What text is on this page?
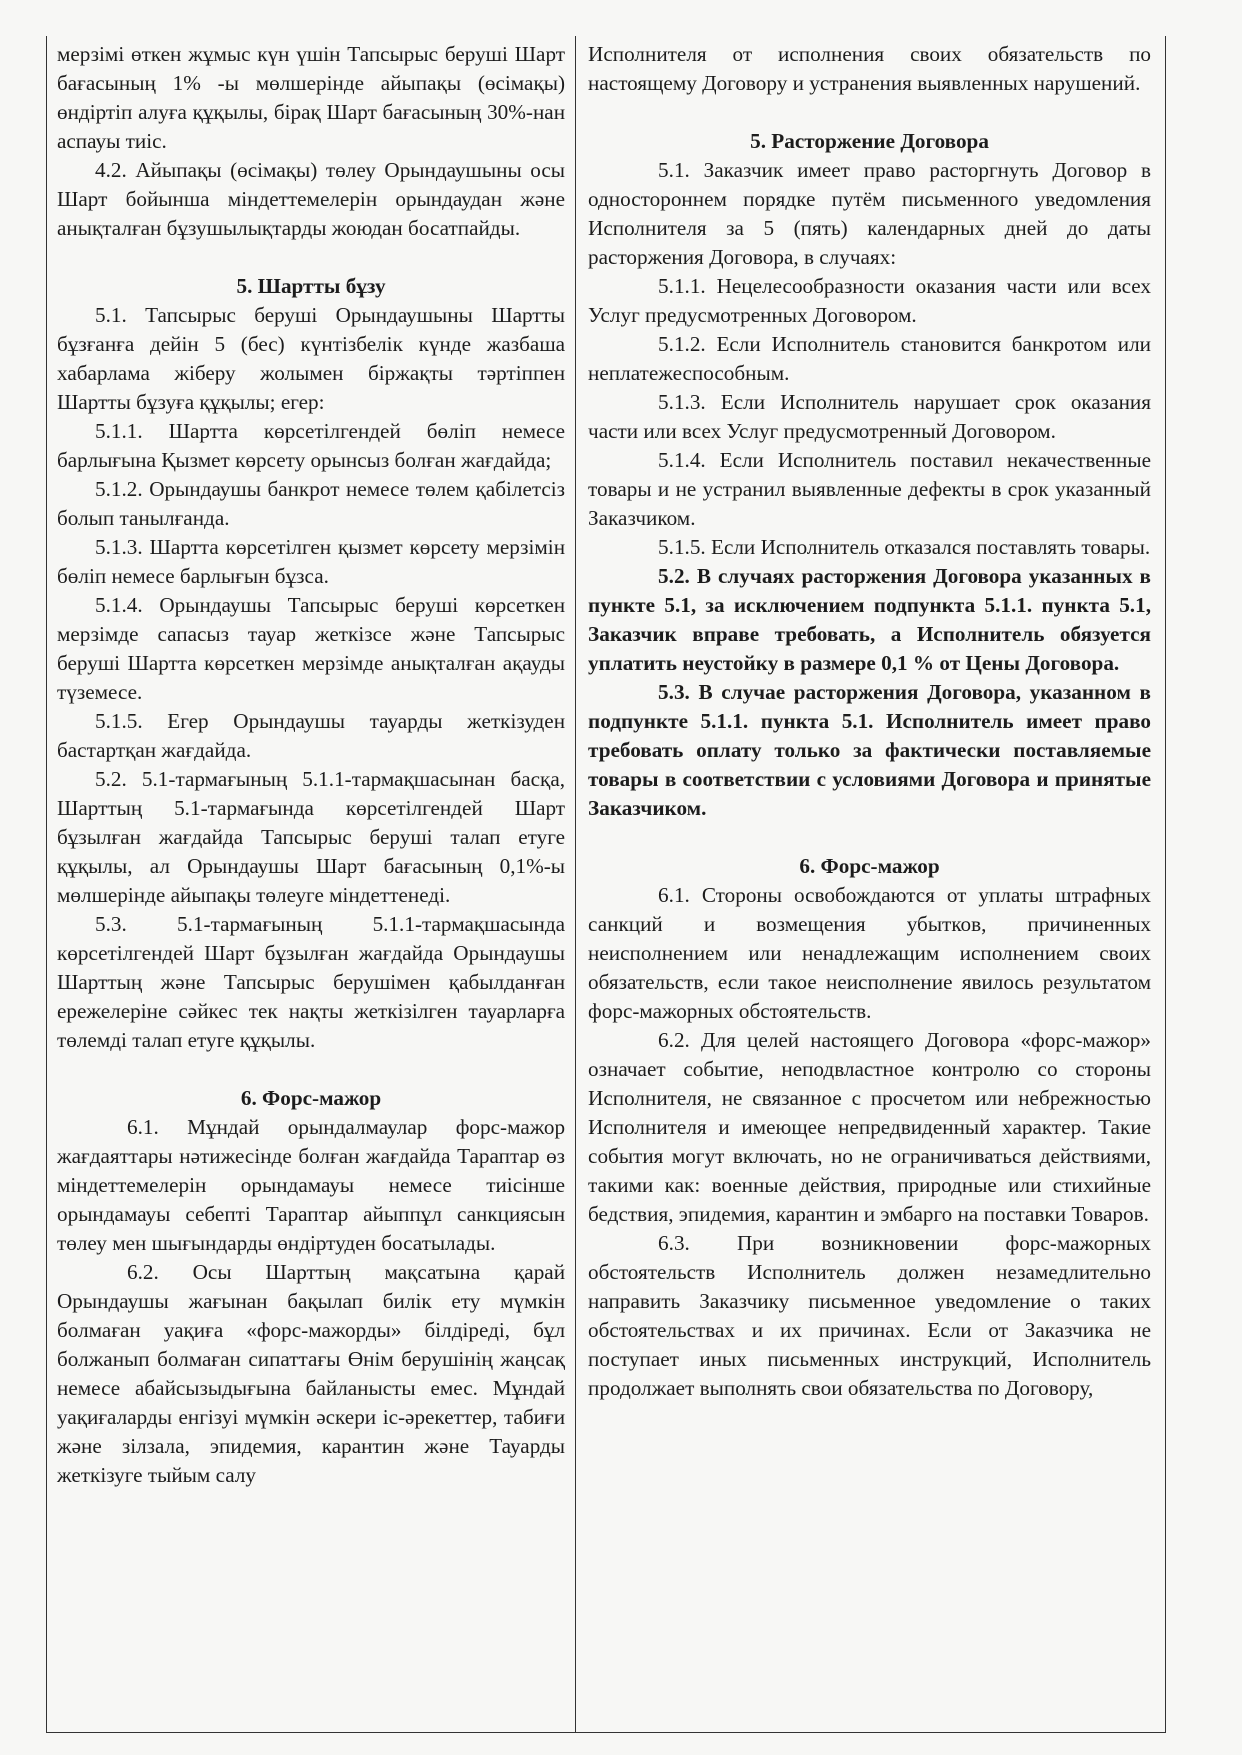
мерзімі өткен жұмыс күн үшін Тапсырыс беруші Шарт бағасының 1% -ы мөлшерінде айыпақы (өсімақы) өндіртіп алуға құқылы, бірақ Шарт бағасының 30%-нан аспауы тиіс.

4.2. Айыпақы (өсімақы) төлеу Орындаушыны осы Шарт бойынша міндеттемелерін орындаудан және анықталған бұзушылықтарды жоюдан босатпайды.

5. Шартты бұзу

5.1. Тапсырыс беруші Орындаушыны Шартты бұзғанға дейін 5 (бес) күнтізбелік күнде жазбаша хабарлама жіберу жолымен біржақты тәртіппен Шартты бұзуға құқылы; егер:

5.1.1. Шартта көрсетілгендей бөліп немесе барлығына Қызмет көрсету орынсыз болған жағдайда;

5.1.2. Орындаушы банкрот немесе төлем қабілетсіз болып танылғанда.

5.1.3. Шартта көрсетілген қызмет көрсету мерзімін бөліп немесе барлығын бұзса.

5.1.4. Орындаушы Тапсырыс беруші көрсеткен мерзімде сапасыз тауар жеткізсе және Тапсырыс беруші Шартта көрсеткен мерзімде анықталған ақауды түземесе.

5.1.5. Егер Орындаушы тауарды жеткізуден бастартқан жағдайда.

5.2. 5.1-тармағының 5.1.1-тармақшасынан басқа, Шарттың 5.1-тармағында көрсетілгендей Шарт бұзылған жағдайда Тапсырыс беруші талап етуге құқылы, ал Орындаушы Шарт бағасының 0,1%-ы мөлшерінде айыпақы төлеуге міндеттенеді.

5.3. 5.1-тармағының 5.1.1-тармақшасында көрсетілгендей Шарт бұзылған жағдайда Орындаушы Шарттың және Тапсырыс берушімен қабылданған ережелеріне сәйкес тек нақты жеткізілген тауарларға төлемді талап етуге құқылы.

6. Форс-мажор

6.1. Мұндай орындалмаулар форс-мажор жағдаяттары нәтижесінде болған жағдайда Тараптар өз міндеттемелерін орындамауы немесе тиісінше орындамауы себепті Тараптар айыппұл санкциясын төлеу мен шығындарды өндіртуден босатылады.

6.2. Осы Шарттың мақсатына қарай Орындаушы жағынан бақылап билік ету мүмкін болмаған уақиға «форс-мажорды» білдіреді, бұл болжанып болмаған сипаттағы Өнім берушінің жаңсақ немесе абайсызыдығына байланысты емес. Мұндай уақиғаларды енгізуі мүмкін әскери іс-әрекеттер, табиғи және зілзала, эпидемия, карантин және Тауарды жеткізуге тыйым салу

Исполнителя от исполнения своих обязательств по настоящему Договору и устранения выявленных нарушений.

5. Расторжение Договора

5.1. Заказчик имеет право расторгнуть Договор в одностороннем порядке путём письменного уведомления Исполнителя за 5 (пять) календарных дней до даты расторжения Договора, в случаях:

5.1.1. Нецелесообразности оказания части или всех Услуг предусмотренных Договором.

5.1.2. Если Исполнитель становится банкротом или неплатежеспособным.

5.1.3. Если Исполнитель нарушает срок оказания части или всех Услуг предусмотренный Договором.

5.1.4. Если Исполнитель поставил некачественные товары и не устранил выявленные дефекты в срок указанный Заказчиком.

5.1.5. Если Исполнитель отказался поставлять товары.

5.2. В случаях расторжения Договора указанных в пункте 5.1, за исключением подпункта 5.1.1. пункта 5.1, Заказчик вправе требовать, а Исполнитель обязуется уплатить неустойку в размере 0,1 % от Цены Договора.

5.3. В случае расторжения Договора, указанном в подпункте 5.1.1. пункта 5.1. Исполнитель имеет право требовать оплату только за фактически поставляемые товары в соответствии с условиями Договора и принятые Заказчиком.

6. Форс-мажор

6.1. Стороны освобождаются от уплаты штрафных санкций и возмещения убытков, причиненных неисполнением или ненадлежащим исполнением своих обязательств, если такое неисполнение явилось результатом форс-мажорных обстоятельств.

6.2. Для целей настоящего Договора «форс-мажор» означает событие, неподвластное контролю со стороны Исполнителя, не связанное с просчетом или небрежностью Исполнителя и имеющее непредвиденный характер. Такие события могут включать, но не ограничиваться действиями, такими как: военные действия, природные или стихийные бедствия, эпидемия, карантин и эмбарго на поставки Товаров.

6.3. При возникновении форс-мажорных обстоятельств Исполнитель должен незамедлительно направить Заказчику письменное уведомление о таких обстоятельствах и их причинах. Если от Заказчика не поступает иных письменных инструкций, Исполнитель продолжает выполнять свои обязательства по Договору,
